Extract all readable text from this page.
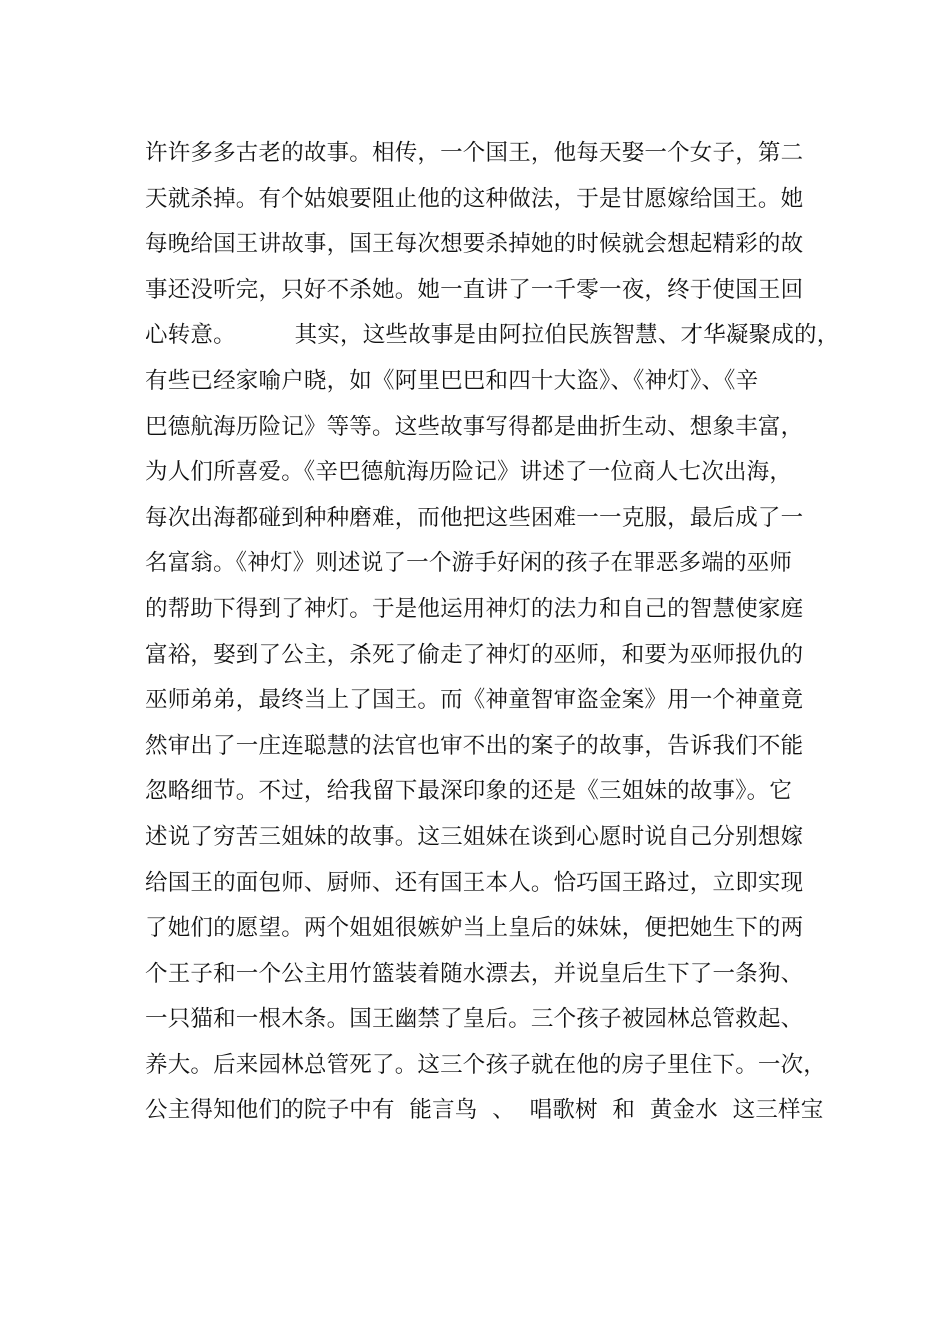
许许多多古老的故事。相传，一个国王，他每天娶一个女子，第二
天就杀掉。有个姑娘要阻止他的这种做法，于是甘愿嫁给国王。她
每晚给国王讲故事，国王每次想要杀掉她的时候就会想起精彩的故
事还没听完，只好不杀她。她一直讲了一千零一夜，终于使国王回
心转意。        其实，这些故事是由阿拉伯民族智慧、才华凝聚成的，
有些已经家喻户晓，如《阿里巴巴和四十大盗》、《神灯》、《辛
巴德航海历险记》等等。这些故事写得都是曲折生动、想象丰富，
为人们所喜爱。《辛巴德航海历险记》讲述了一位商人七次出海，
每次出海都碰到种种磨难，而他把这些困难一一克服，最后成了一
名富翁。《神灯》则述说了一个游手好闲的孩子在罪恶多端的巫师
的帮助下得到了神灯。于是他运用神灯的法力和自己的智慧使家庭
富裕，娶到了公主，杀死了偷走了神灯的巫师，和要为巫师报仇的
巫师弟弟，最终当上了国王。而《神童智审盗金案》用一个神童竟
然审出了一庄连聪慧的法官也审不出的案子的故事，告诉我们不能
忽略细节。不过，给我留下最深印象的还是《三姐妹的故事》。它
述说了穷苦三姐妹的故事。这三姐妹在谈到心愿时说自己分别想嫁
给国王的面包师、厨师、还有国王本人。恰巧国王路过，立即实现
了她们的愿望。两个姐姐很嫉妒当上皇后的妹妹，便把她生下的两
个王子和一个公主用竹篮装着随水漂去，并说皇后生下了一条狗、
一只猫和一根木条。国王幽禁了皇后。三个孩子被园林总管救起、
养大。后来园林总管死了。这三个孩子就在他的房子里住下。一次，
公主得知他们的院子中有  能言鸟  、  唱歌树  和  黄金水  这三样宝
